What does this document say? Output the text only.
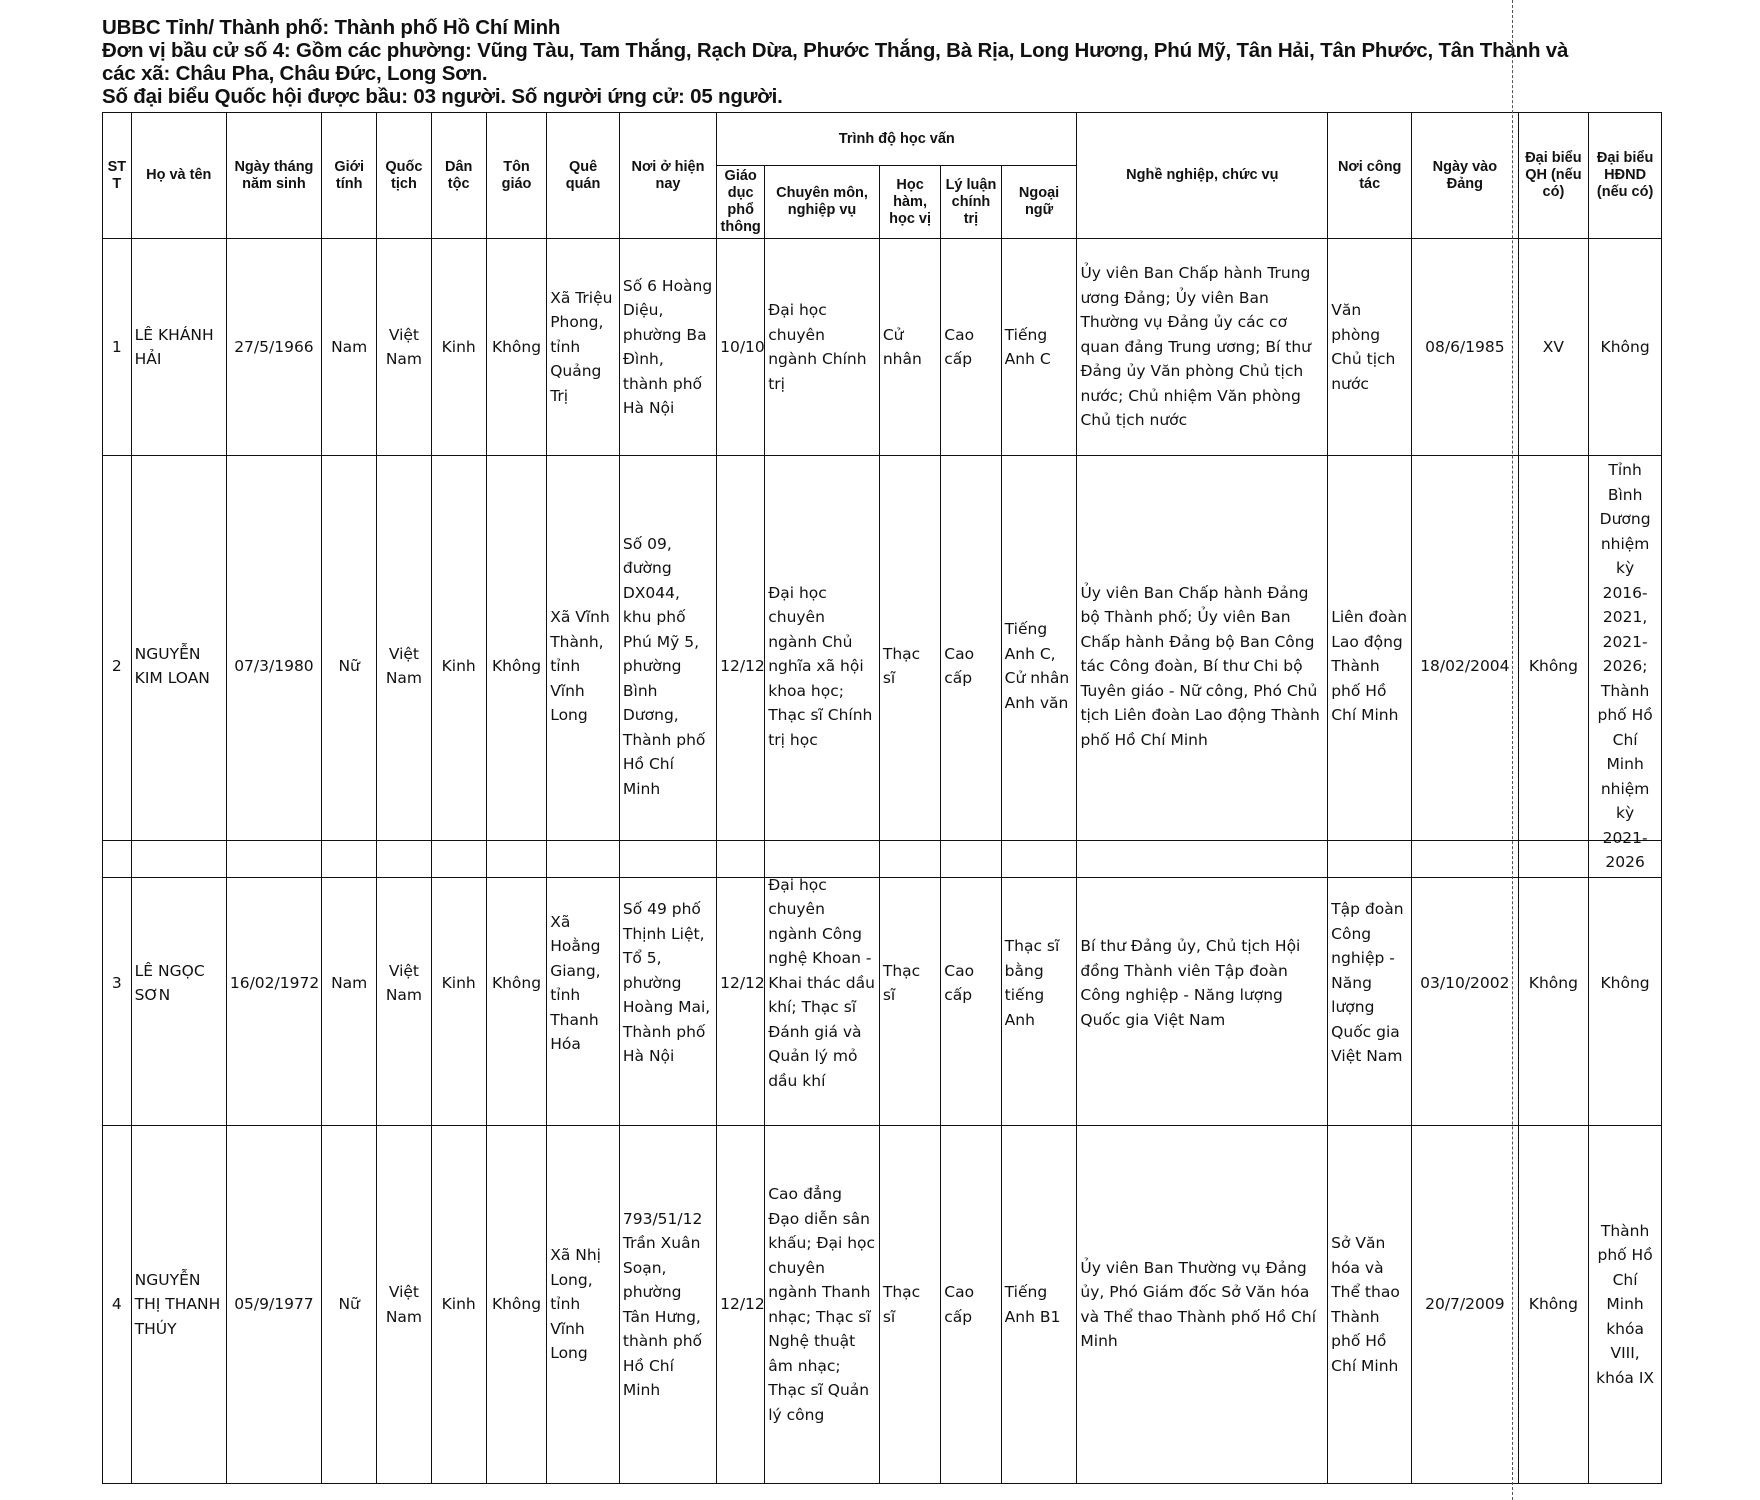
UBBC Tỉnh/ Thành phố: Thành phố Hồ Chí Minh
Đơn vị bầu cử số 4: Gồm các phường: Vũng Tàu, Tam Thắng, Rạch Dừa, Phước Thắng, Bà Rịa, Long Hương, Phú Mỹ, Tân Hải, Tân Phước, Tân Thành và
các xã: Châu Pha, Châu Đức, Long Sơn.
Số đại biểu Quốc hội được bầu: 03 người. Số người ứng cử: 05 người.
ST T	Họ và tên	Ngày tháng năm sinh	Giới tính	Quốc tịch	Dân tộc	Tôn giáo	Quê quán	Nơi ở hiện nay	Trình độ học vấn					Nghề nghiệp, chức vụ	Nơi công tác	Ngày vào Đảng	Đại biểu QH (nếu có)	Đại biểu HĐND (nếu có)
									Giáo dục phổ thông	Chuyên môn, nghiệp vụ	Học hàm, học vị	Lý luận chính trị	Ngoại ngữ					
1	LÊ KHÁNH HẢI	27/5/1966	Nam	Việt Nam	Kinh	Không	Xã Triệu Phong, tỉnh Quảng Trị	Số 6 Hoàng Diệu, phường Ba Đình, thành phố Hà Nội	10/10	Đại học chuyên ngành Chính trị	Cử nhân	Cao cấp	Tiếng Anh C	Ủy viên Ban Chấp hành Trung ương Đảng; Ủy viên Ban Thường vụ Đảng ủy các cơ quan đảng Trung ương; Bí thư Đảng ủy Văn phòng Chủ tịch nước; Chủ nhiệm Văn phòng Chủ tịch nước	Văn phòng Chủ tịch nước	08/6/1985	XV	Không
2	NGUYỄN KIM LOAN	07/3/1980	Nữ	Việt Nam	Kinh	Không	Xã Vĩnh Thành, tỉnh Vĩnh Long	Số 09, đường DX044, khu phố Phú Mỹ 5, phường Bình Dương, Thành phố Hồ Chí Minh	12/12	Đại học chuyên ngành Chủ nghĩa xã hội khoa học; Thạc sĩ Chính trị học	Thạc sĩ	Cao cấp	Tiếng Anh C, Cử nhân Anh văn	Ủy viên Ban Chấp hành Đảng bộ Thành phố; Ủy viên Ban Chấp hành Đảng bộ Ban Công tác Công đoàn, Bí thư Chi bộ Tuyên giáo - Nữ công, Phó Chủ tịch Liên đoàn Lao động Thành phố Hồ Chí Minh	Liên đoàn Lao động Thành phố Hồ Chí Minh	18/02/2004	Không	Tỉnh Bình Dương nhiệm kỳ 2016-2021, 2021-2026; Thành phố Hồ Chí Minh nhiệm kỳ 2021-2026
3	LÊ NGỌC SƠN	16/02/1972	Nam	Việt Nam	Kinh	Không	Xã Hoằng Giang, tỉnh Thanh Hóa	Số 49 phố Thịnh Liệt, Tổ 5, phường Hoàng Mai, Thành phố Hà Nội	12/12	Đại học chuyên ngành Công nghệ Khoan - Khai thác dầu khí; Thạc sĩ Đánh giá và Quản lý mỏ dầu khí	Thạc sĩ	Cao cấp	Thạc sĩ bằng tiếng Anh	Bí thư Đảng ủy, Chủ tịch Hội đồng Thành viên Tập đoàn Công nghiệp - Năng lượng Quốc gia Việt Nam	Tập đoàn Công nghiệp - Năng lượng Quốc gia Việt Nam	03/10/2002	Không	Không
4	NGUYỄN THỊ THANH THÚY	05/9/1977	Nữ	Việt Nam	Kinh	Không	Xã Nhị Long, tỉnh Vĩnh Long	793/51/12 Trần Xuân Soạn, phường Tân Hưng, thành phố Hồ Chí Minh	12/12	Cao đẳng Đạo diễn sân khấu; Đại học chuyên ngành Thanh nhạc; Thạc sĩ Nghệ thuật âm nhạc; Thạc sĩ Quản lý công	Thạc sĩ	Cao cấp	Tiếng Anh B1	Ủy viên Ban Thường vụ Đảng ủy, Phó Giám đốc Sở Văn hóa và Thể thao Thành phố Hồ Chí Minh	Sở Văn hóa và Thể thao Thành phố Hồ Chí Minh	20/7/2009	Không	Thành phố Hồ Chí Minh khóa VIII, khóa IX
